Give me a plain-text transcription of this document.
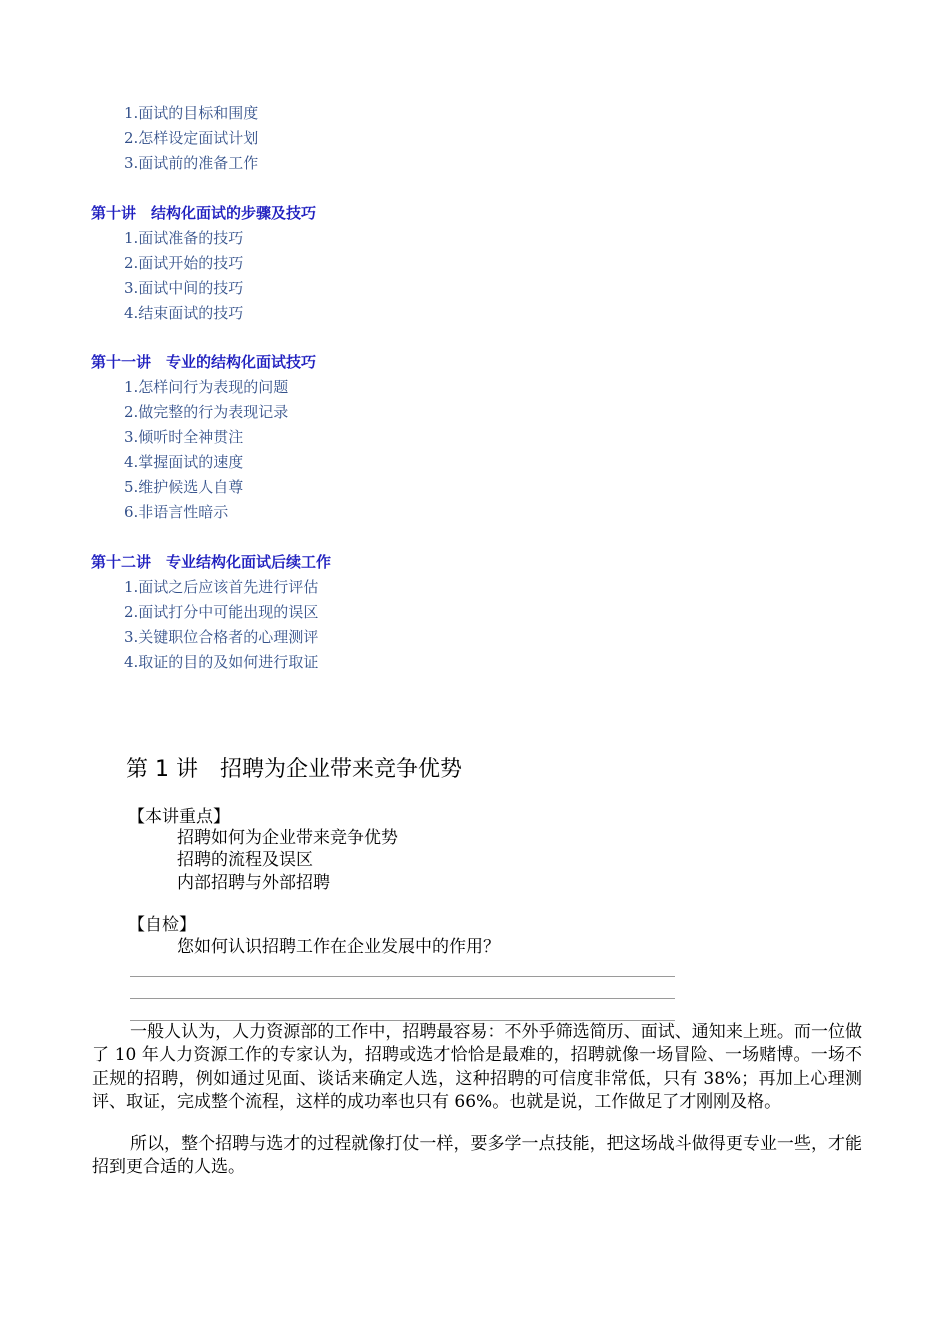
1.面试的目标和围度
2.怎样设定面试计划
3.面试前的准备工作
第十讲　结构化面试的步骤及技巧
1.面试准备的技巧
2.面试开始的技巧
3.面试中间的技巧
4.结束面试的技巧
第十一讲　专业的结构化面试技巧
1.怎样问行为表现的问题
2.做完整的行为表现记录
3.倾听时全神贯注
4.掌握面试的速度
5.维护候选人自尊
6.非语言性暗示
第十二讲　专业结构化面试后续工作
1.面试之后应该首先进行评估
2.面试打分中可能出现的误区
3.关键职位合格者的心理测评
4.取证的目的及如何进行取证
第 1 讲　招聘为企业带来竞争优势
【本讲重点】
招聘如何为企业带来竞争优势
招聘的流程及误区
内部招聘与外部招聘
【自检】
您如何认识招聘工作在企业发展中的作用？
一般人认为，人力资源部的工作中，招聘最容易：不外乎筛选简历、面试、通知来上班。而一位做了 10 年人力资源工作的专家认为，招聘或选才恰恰是最难的，招聘就像一场冒险、一场赌博。一场不正规的招聘，例如通过见面、谈话来确定人选，这种招聘的可信度非常低，只有 38%；再加上心理测评、取证，完成整个流程，这样的成功率也只有 66%。也就是说，工作做足了才刚刚及格。
所以，整个招聘与选才的过程就像打仗一样，要多学一点技能，把这场战斗做得更专业一些，才能招到更合适的人选。
